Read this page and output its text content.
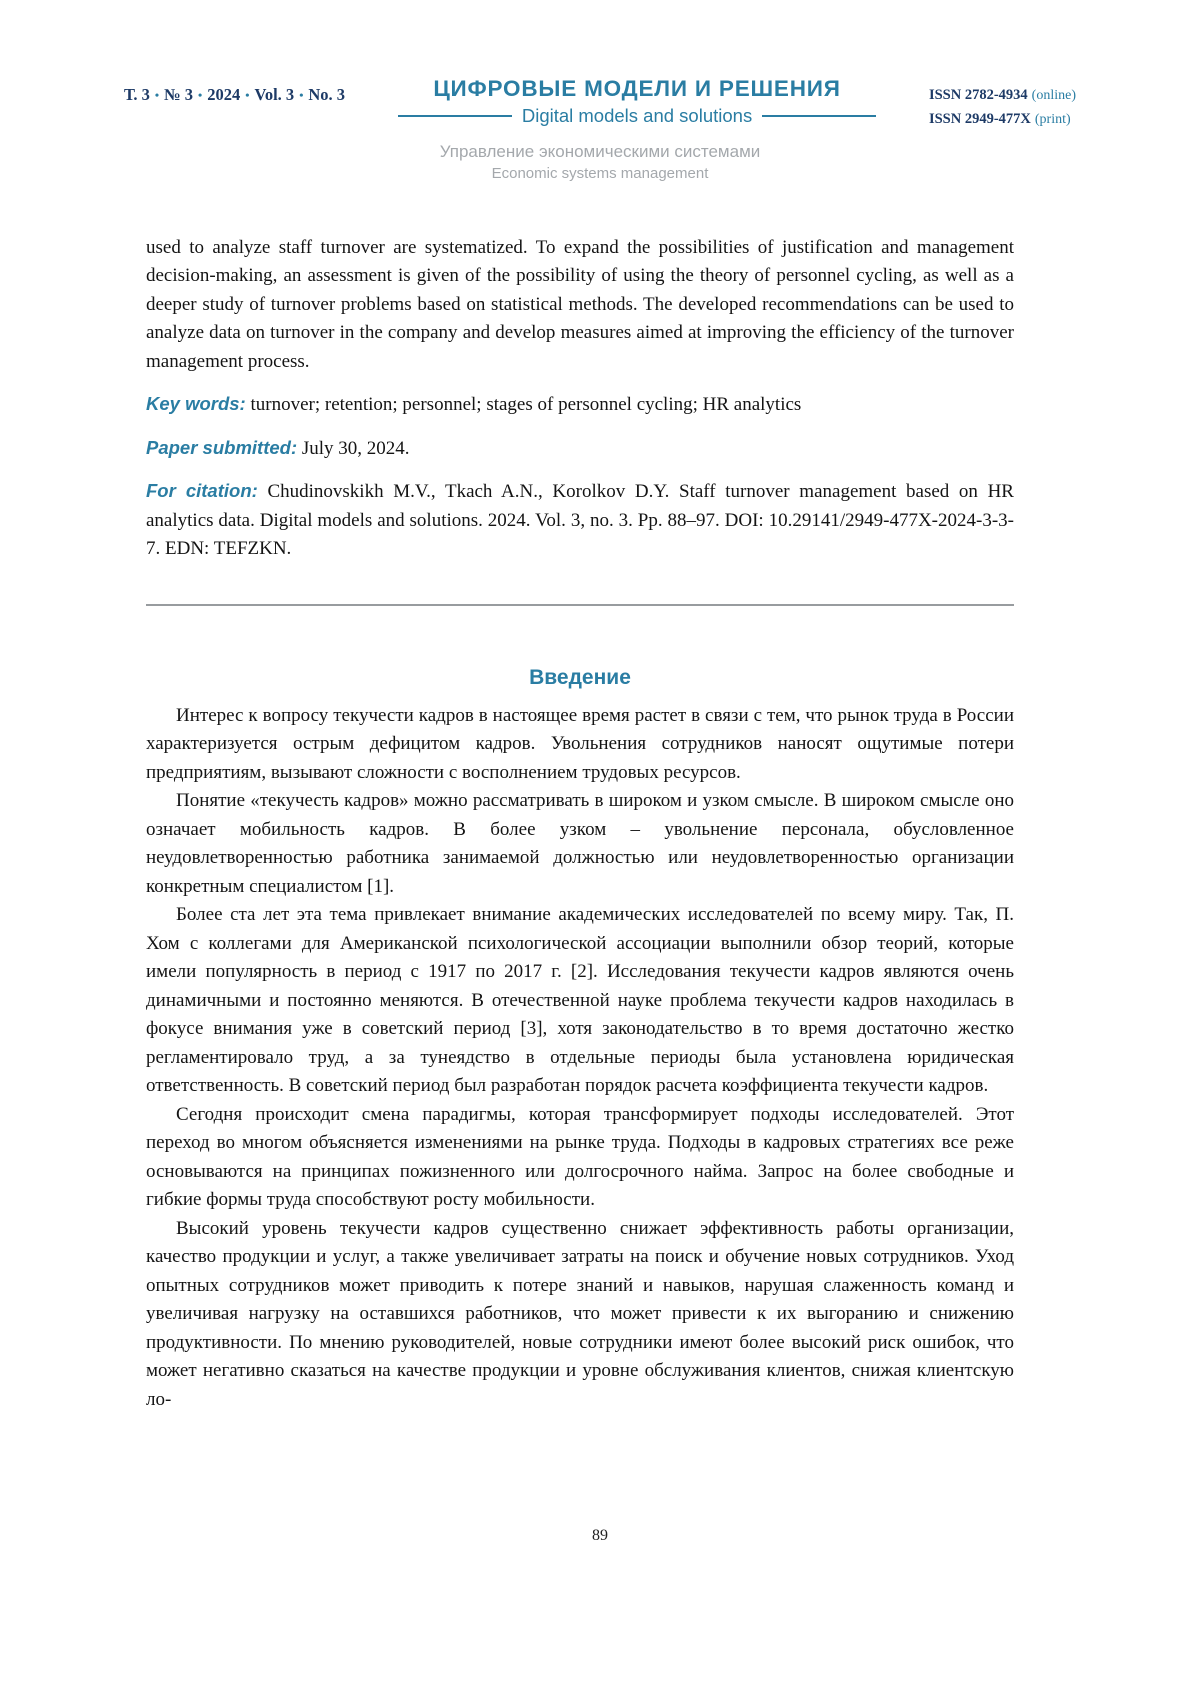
Т. 3 • № 3 • 2024 • Vol. 3 • No. 3	ЦИФРОВЫЕ МОДЕЛИ И РЕШЕНИЯ
Digital models and solutions
ISSN 2782-4934 (online)
ISSN 2949-477X (print)
Управление экономическими системами
Economic systems management

used to analyze staff turnover are systematized. To expand the possibilities of justification and management decision-making, an assessment is given of the possibility of using the theory of personnel cycling, as well as a deeper study of turnover problems based on statistical methods. The developed recommendations can be used to analyze data on turnover in the company and develop measures aimed at improving the efficiency of the turnover management process.

Key words: turnover; retention; personnel; stages of personnel cycling; HR analytics

Paper submitted: July 30, 2024.

For citation: Chudinovskikh M.V., Tkach A.N., Korolkov D.Y. Staff turnover management based on HR analytics data. Digital models and solutions. 2024. Vol. 3, no. 3. Pp. 88–97. DOI: 10.29141/2949-477X-2024-3-3-7. EDN: TEFZKN.

Введение

Интерес к вопросу текучести кадров в настоящее время растет в связи с тем, что рынок труда в России характеризуется острым дефицитом кадров. Увольнения сотрудников наносят ощутимые потери предприятиям, вызывают сложности с восполнением трудовых ресурсов.

Понятие «текучесть кадров» можно рассматривать в широком и узком смысле. В широком смысле оно означает мобильность кадров. В более узком – увольнение персонала, обусловленное неудовлетворенностью работника занимаемой должностью или неудовлетворенностью организации конкретным специалистом [1].

Более ста лет эта тема привлекает внимание академических исследователей по всему миру. Так, П. Хом с коллегами для Американской психологической ассоциации выполнили обзор теорий, которые имели популярность в период с 1917 по 2017 г. [2]. Исследования текучести кадров являются очень динамичными и постоянно меняются. В отечественной науке проблема текучести кадров находилась в фокусе внимания уже в советский период [3], хотя законодательство в то время достаточно жестко регламентировало труд, а за тунеядство в отдельные периоды была установлена юридическая ответственность. В советский период был разработан порядок расчета коэффициента текучести кадров.

Сегодня происходит смена парадигмы, которая трансформирует подходы исследователей. Этот переход во многом объясняется изменениями на рынке труда. Подходы в кадровых стратегиях все реже основываются на принципах пожизненного или долгосрочного найма. Запрос на более свободные и гибкие формы труда способствуют росту мобильности.

Высокий уровень текучести кадров существенно снижает эффективность работы организации, качество продукции и услуг, а также увеличивает затраты на поиск и обучение новых сотрудников. Уход опытных сотрудников может приводить к потере знаний и навыков, нарушая слаженность команд и увеличивая нагрузку на оставшихся работников, что может привести к их выгоранию и снижению продуктивности. По мнению руководителей, новые сотрудники имеют более высокий риск ошибок, что может негативно сказаться на качестве продукции и уровне обслуживания клиентов, снижая клиентскую ло-

89
